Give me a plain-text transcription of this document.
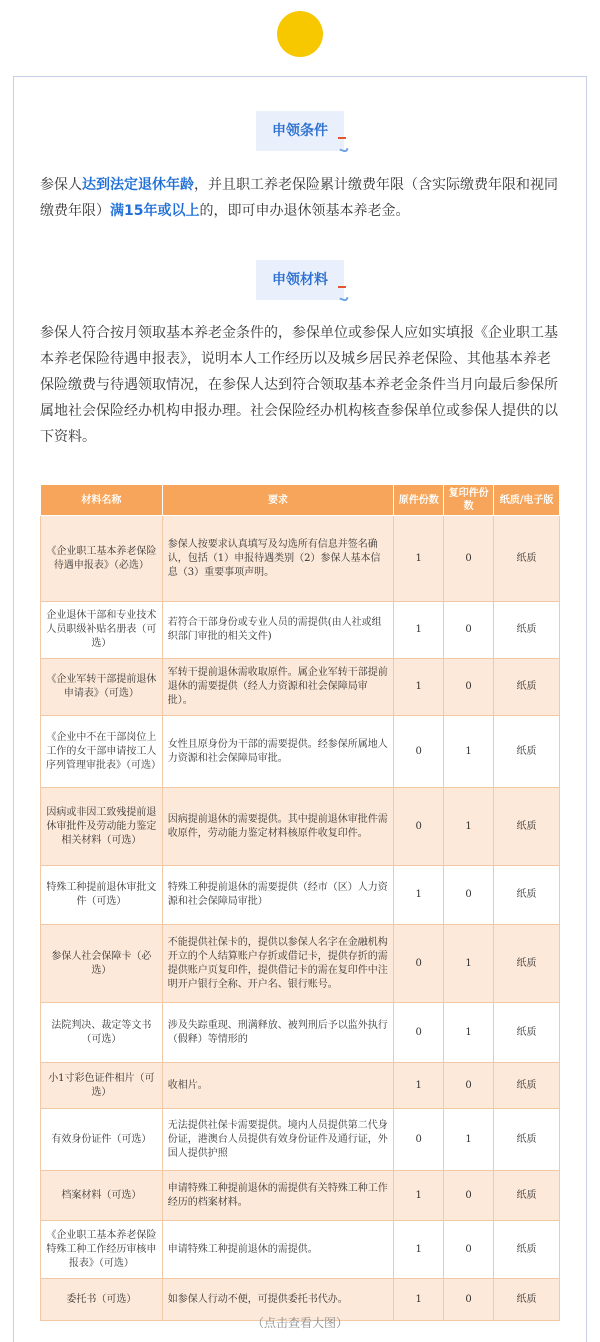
申领条件

参保人达到法定退休年龄，并且职工养老保险累计缴费年限（含实际缴费年限和视同缴费年限）满15年或以上的，即可申办退休领基本养老金。

申领材料

参保人符合按月领取基本养老金条件的，参保单位或参保人应如实填报《企业职工基本养老保险待遇申报表》，说明本人工作经历以及城乡居民养老保险、其他基本养老保险缴费与待遇领取情况，在参保人达到符合领取基本养老金条件当月向最后参保所属地社会保险经办机构申报办理。社会保险经办机构核查参保单位或参保人提供的以下资料。

材料名称	要求	原件份数	复印件份数	纸质/电子版
《企业职工基本养老保险待遇申报表》（必选）	参保人按要求认真填写及勾选所有信息并签名确认，包括（1）申报待遇类别（2）参保人基本信息（3）重要事项声明。	1	0	纸质
企业退休干部和专业技术人员职级补贴名册表（可选）	若符合干部身份或专业人员的需提供(由人社或组织部门审批的相关文件)	1	0	纸质
《企业军转干部提前退休申请表》（可选）	军转干提前退休需收取原件。属企业军转干部提前退休的需要提供（经人力资源和社会保障局审批）。	1	0	纸质
《企业中不在干部岗位上工作的女干部申请按工人序列管理审批表》（可选）	女性且原身份为干部的需要提供。经参保所属地人力资源和社会保障局审批。	0	1	纸质
因病或非因工致残提前退休审批件及劳动能力鉴定相关材料（可选）	因病提前退休的需要提供。其中提前退休审批件需收原件，劳动能力鉴定材料核原件收复印件。	0	1	纸质
特殊工种提前退休审批文件（可选）	特殊工种提前退休的需要提供（经市（区）人力资源和社会保障局审批）	1	0	纸质
参保人社会保障卡（必选）	不能提供社保卡的，提供以参保人名字在金融机构开立的个人结算账户存折或借记卡，提供存折的需提供账户页复印件，提供借记卡的需在复印件中注明开户银行全称、开户名、银行账号。	0	1	纸质
法院判决、裁定等文书（可选）	涉及失踪重现、刑满释放、被判刑后予以监外执行（假释）等情形的	0	1	纸质
小1寸彩色证件相片（可选）	收相片。	1	0	纸质
有效身份证件（可选）	无法提供社保卡需要提供。境内人员提供第二代身份证，港澳台人员提供有效身份证件及通行证，外国人提供护照	0	1	纸质
档案材料（可选）	申请特殊工种提前退休的需提供有关特殊工种工作经历的档案材料。	1	0	纸质
《企业职工基本养老保险特殊工种工作经历审核申报表》（可选）	申请特殊工种提前退休的需提供。	1	0	纸质
委托书（可选）	如参保人行动不便，可提供委托书代办。	1	0	纸质
（点击查看大图）
